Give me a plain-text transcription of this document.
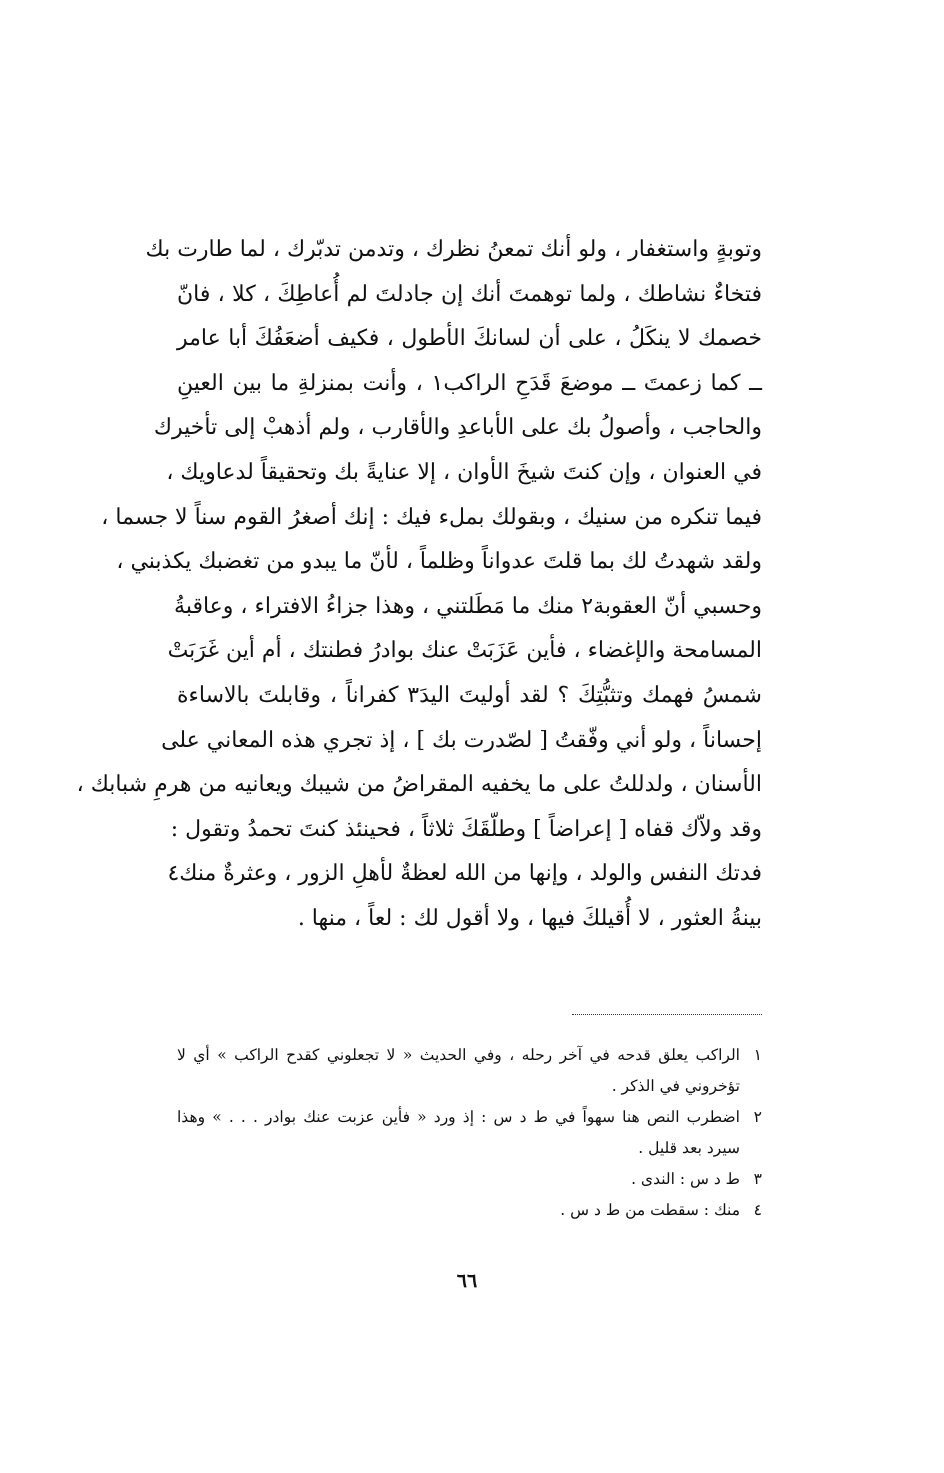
وتوبةٍ واستغفار ، ولو أنك تمعنُ نظرك ، وتدمن تدبّرك ، لما طارت بك
فتخاءٌ نشاطك ، ولما توهمتَ أنك إن جادلتَ لم أُعاطِكَ ، كلا ، فانّ
خصمك لا ينكَلُ ، على أن لسانكَ الأطول ، فكيف أضعَفُكَ أبا عامر
ــ كما زعمتَ ــ موضعَ قَدَحِ الراكب١ ، وأنت بمنزلةِ ما بين العينِ
والحاجب ، وأصولُ بك على الأباعدِ والأقارب ، ولم أذهبْ إلى تأخيرك
في العنوان ، وإن كنتَ شيخَ الأوان ، إلا عنايةً بك وتحقيقاً لدعاويك ،
فيما تنكره من سنيك ، وبقولك بملء فيك : إنك أصغرُ القوم سناً لا جسما ،
ولقد شهدتُ لك بما قلتَ عدواناً وظلماً ، لأنّ ما يبدو من تغضبك يكذبني ،
وحسبي أنّ العقوبة٢ منك ما مَطَلتني ، وهذا جزاءُ الافتراء ، وعاقبةُ
المسامحة والإغضاء ، فأين عَزَبَتْ عنك بوادرُ فطنتك ، أم أين غَرَبَتْ
شمسُ فهمك وتثبُّتِكَ ؟ لقد أوليتَ اليدَ٣ كفراناً ، وقابلتَ بالاساءة
إحساناً ، ولو أني وفّقتُ [ لصّدرت بك ] ، إذ تجري هذه المعاني على
الأسنان ، ولدللتُ على ما يخفيه المقراضُ من شيبك ويعانيه من هرمِ شبابك ،
وقد ولاّك قفاه [ إعراضاً ] وطلّقَكَ ثلاثاً ، فحينئذ كنتَ تحمدُ وتقول :
فدتك النفس والولد ، وإنها من الله لعظةٌ لأهلِ الزور ، وعثرةٌ منك٤
بينةُ العثور ، لا أُقيلكَ فيها ، ولا أقول لك : لعاً ، منها .
١
الراكب يعلق قدحه في آخر رحله ، وفي الحديث « لا تجعلوني كقدح الراكب » أي لا
تؤخروني في الذكر .
٢
اضطرب النص هنا سهواً في ط د س : إذ ورد « فأين عزبت عنك بوادر . . . » وهذا
سيرد بعد قليل .
٣
ط د س : الندى .
٤
منك : سقطت من ط د س .
٦٦
